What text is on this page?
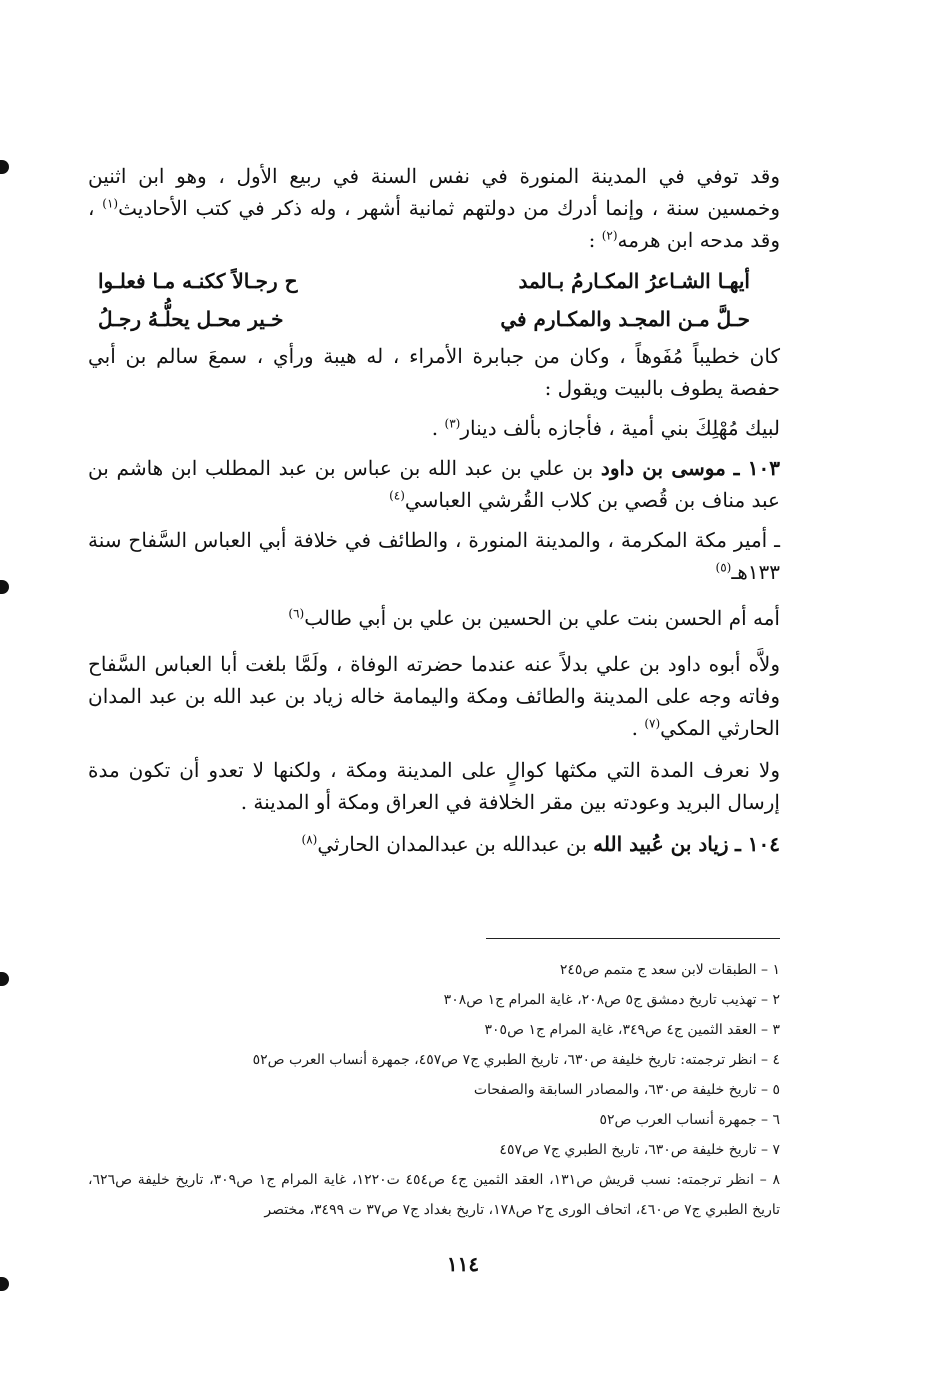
وقد توفي في المدينة المنورة في نفس السنة في ربيع الأول ، وهو ابن اثنين وخمسين سنة ، وإنما أدرك من دولتهم ثمانية أشهر ، وله ذكر في كتب الأحاديث$^{(١)}$ ، وقد مدحه ابن هرمه$^{(٢)}$ :

أيهـا الشـاعرُ المكـارمُ بـالمد
ح رجـالاً ككنـه مـا فعلـوا
حـلَّ مـن المجـد والمكـارم في
خـير محـل يحلُّـهُ رجـلُ

كان خطيباً مُفَوهاً ، وكان من جبابرة الأمراء ، له هيبة ورأي ، سمعَ سالم بن أبي حفصة يطوف بالبيت ويقول :

لبيك مُهْلِكَ بني أمية ، فأجازه بألف دينار$^{(٣)}$ .

١٠٣ ـ موسى بن داود بن علي بن عبد الله بن عباس بن عبد المطلب ابن هاشم بن عبد مناف بن قُصي بن كلاب القُرشي العباسي$^{(٤)}$

ـ أمير مكة المكرمة ، والمدينة المنورة ، والطائف في خلافة أبي العباس السَّفاح سنة ١٣٣هـ$^{(٥)}$

أمه أم الحسن بنت علي بن الحسين بن علي بن أبي طالب$^{(٦)}$

ولاَّه أبوه داود بن علي بدلاً عنه عندما حضرته الوفاة ، ولَمَّا بلغت أبا العباس السَّفاح وفاته وجه على المدينة والطائف ومكة واليمامة خاله زياد بن عبد الله بن عبد المدان الحارثي المكي$^{(٧)}$ .

ولا نعرف المدة التي مكثها كوالٍ على المدينة ومكة ، ولكنها لا تعدو أن تكون مدة إرسال البريد وعودته بين مقر الخلافة في العراق ومكة أو المدينة .

١٠٤ ـ زياد بن عُبيد الله بن عبدالله بن عبدالمدان الحارثي$^{(٨)}$

١ – الطبقات لابن سعد ج متمم ص٢٤٥

٢ – تهذيب تاريخ دمشق ج٥ ص٢٠٨، غاية المرام ج١ ص٣٠٨

٣ – العقد الثمين ج٤ ص٣٤٩، غاية المرام ج١ ص٣٠٥

٤ – انظر ترجمته: تاريخ خليفة ص٦٣٠، تاريخ الطبري ج٧ ص٤٥٧، جمهرة أنساب العرب ص٥٢

٥ – تاريخ خليفة ص٦٣٠، والمصادر السابقة والصفحات

٦ – جمهرة أنساب العرب ص٥٢

٧ – تاريخ خليفة ص٦٣٠، تاريخ الطبري ج٧ ص٤٥٧

٨ – انظر ترجمته: نسب قريش ص١٣١، العقد الثمين ج٤ ص٤٥٤ ت١٢٢٠، غاية المرام ج١ ص٣٠٩، تاريخ خليفة ص٦٢٦، تاريخ الطبري ج٧ ص٤٦٠، اتحاف الورى ج٢ ص١٧٨، تاريخ بغداد ج٧ ص٣٧ ت ٣٤٩٩، مختصر

١١٤
